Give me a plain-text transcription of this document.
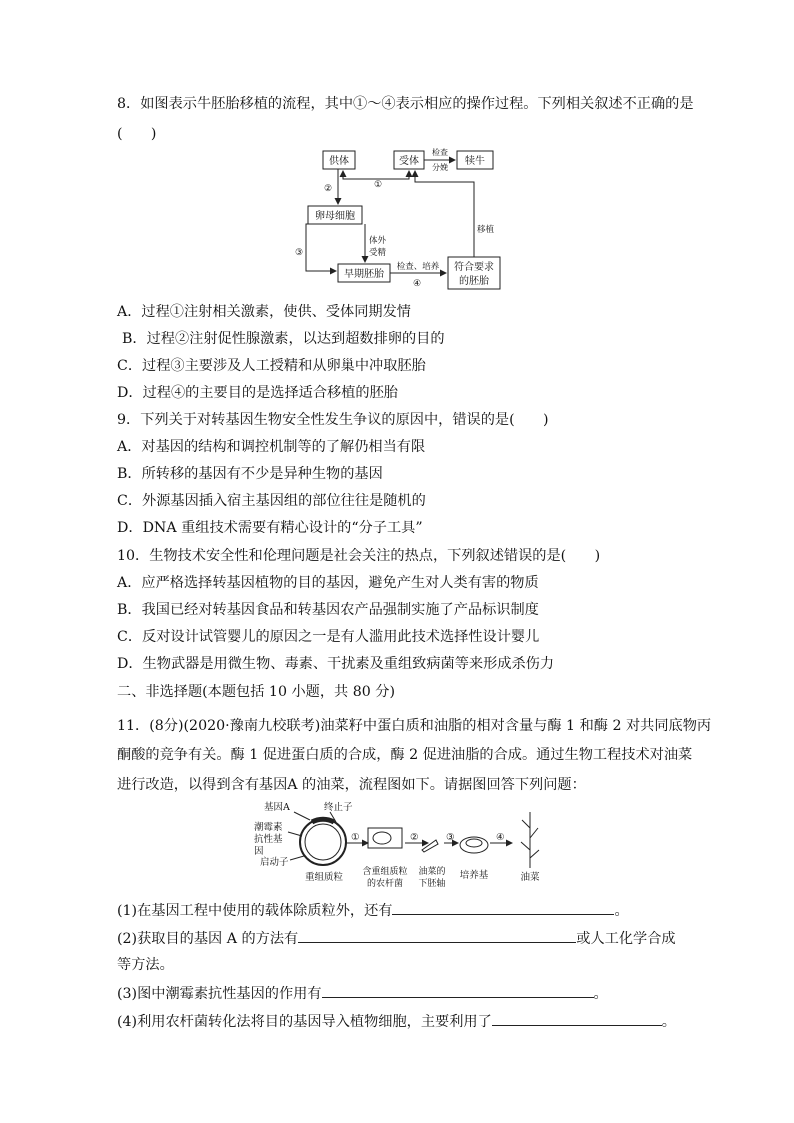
8．如图表示牛胚胎移植的流程，其中①～④表示相应的操作过程。下列相关叙述不正确的是
(　　)
供体	受体	犊牛
检查
分娩
卵母细胞
体外
受精
早期胚胎
检查、培养 符合要求
的胚胎
移植
①
②
③
④
A．过程①注射相关激素，使供、受体同期发情
B．过程②注射促性腺激素，以达到超数排卵的目的
C．过程③主要涉及人工授精和从卵巢中冲取胚胎
D．过程④的主要目的是选择适合移植的胚胎
9．下列关于对转基因生物安全性发生争议的原因中，错误的是(　　)
A．对基因的结构和调控机制等的了解仍相当有限
B．所转移的基因有不少是异种生物的基因
C．外源基因插入宿主基因组的部位往往是随机的
D．DNA 重组技术需要有精心设计的“分子工具”
10．生物技术安全性和伦理问题是社会关注的热点，下列叙述错误的是(　　)
A．应严格选择转基因植物的目的基因，避免产生对人类有害的物质
B．我国已经对转基因食品和转基因农产品强制实施了产品标识制度
C．反对设计试管婴儿的原因之一是有人滥用此技术选择性设计婴儿
D．生物武器是用微生物、毒素、干扰素及重组致病菌等来形成杀伤力
二、非选择题(本题包括 10 小题，共 80 分)
11．(8分)(2020·豫南九校联考)油菜籽中蛋白质和油脂的相对含量与酶 1 和酶 2 对共同底物丙
酮酸的竞争有关。酶 1 促进蛋白质的合成，酶 2 促进油脂的合成。通过生物工程技术对油菜
进行改造，以得到含有基因A 的油菜，流程图如下。请据图回答下列问题：
基因A	终止子
潮霉素
抗性基
因
启动子
重组质粒 含重组质粒
的农杆菌
油菜的
下胚轴
培养基	油菜
①	②	③	④
(1)在基因工程中使用的载体除质粒外，还有	。
(2)获取目的基因 A 的方法有	或人工化学合成
等方法。
(3)图中潮霉素抗性基因的作用有	。
(4)利用农杆菌转化法将目的基因导入植物细胞，主要利用了	。
